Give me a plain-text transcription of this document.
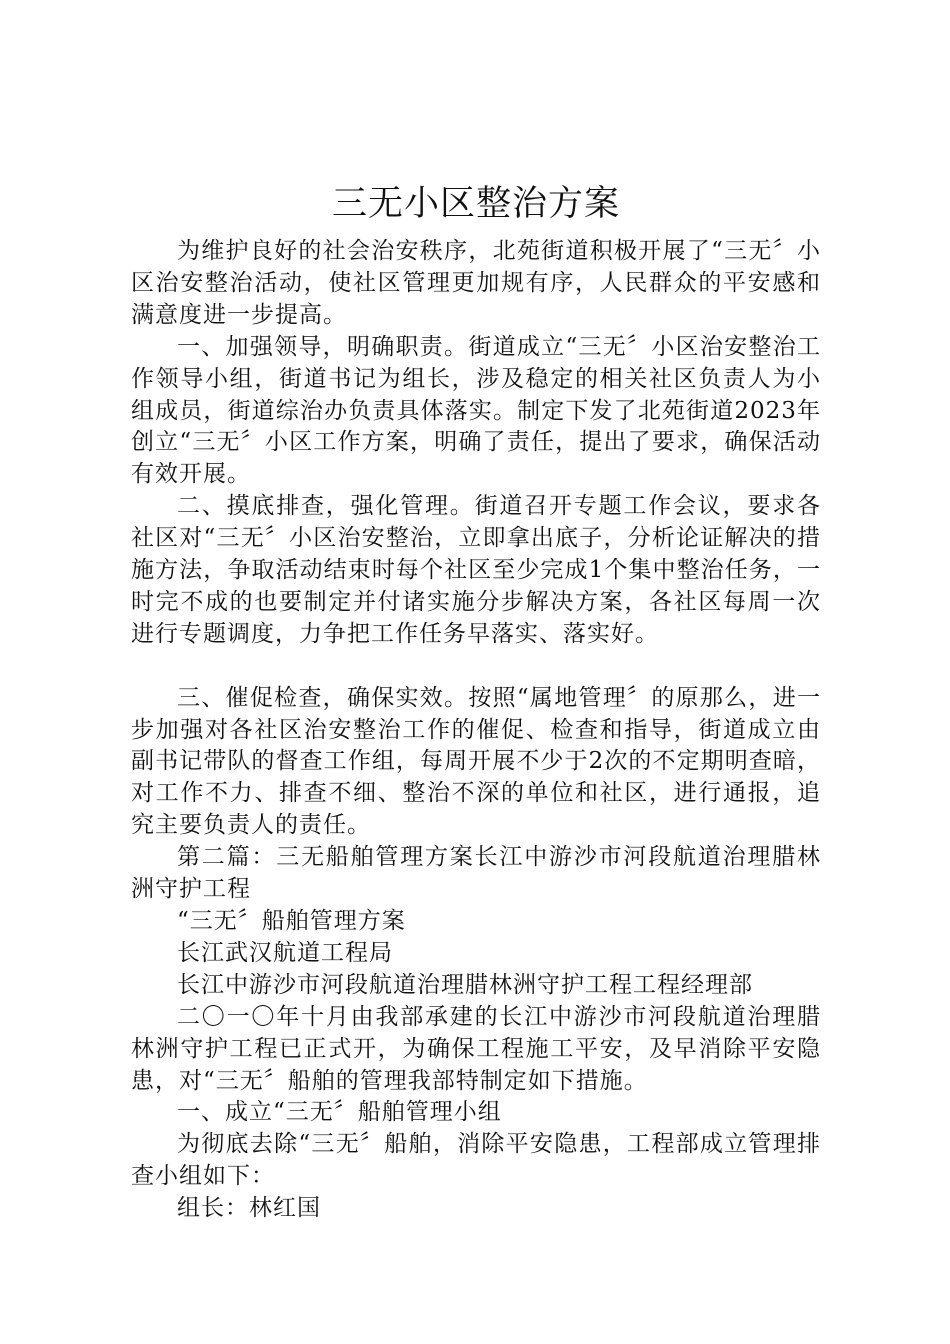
三无小区整治方案

为维护良好的社会治安秩序，北苑街道积极开展了“三无〞小区治安整治活动，使社区管理更加规有序，人民群众的平安感和满意度进一步提高。

一、加强领导，明确职责。街道成立“三无〞小区治安整治工作领导小组，街道书记为组长，涉及稳定的相关社区负责人为小组成员，街道综治办负责具体落实。制定下发了北苑街道2023年创立“三无〞小区工作方案，明确了责任，提出了要求，确保活动有效开展。

二、摸底排查，强化管理。街道召开专题工作会议，要求各社区对“三无〞小区治安整治，立即拿出底子，分析论证解决的措施方法，争取活动结束时每个社区至少完成1个集中整治任务，一时完不成的也要制定并付诸实施分步解决方案，各社区每周一次进行专题调度，力争把工作任务早落实、落实好。

三、催促检查，确保实效。按照“属地管理〞的原那么，进一步加强对各社区治安整治工作的催促、检查和指导，街道成立由副书记带队的督查工作组，每周开展不少于2次的不定期明查暗，对工作不力、排查不细、整治不深的单位和社区，进行通报，追究主要负责人的责任。

第二篇：三无船舶管理方案长江中游沙市河段航道治理腊林洲守护工程

“三无〞船舶管理方案

长江武汉航道工程局

长江中游沙市河段航道治理腊林洲守护工程工程经理部

二〇一〇年十月由我部承建的长江中游沙市河段航道治理腊林洲守护工程已正式开，为确保工程施工平安，及早消除平安隐患，对“三无〞船舶的管理我部特制定如下措施。

一、成立“三无〞船舶管理小组

为彻底去除“三无〞船舶，消除平安隐患，工程部成立管理排查小组如下：

组长：林红国
